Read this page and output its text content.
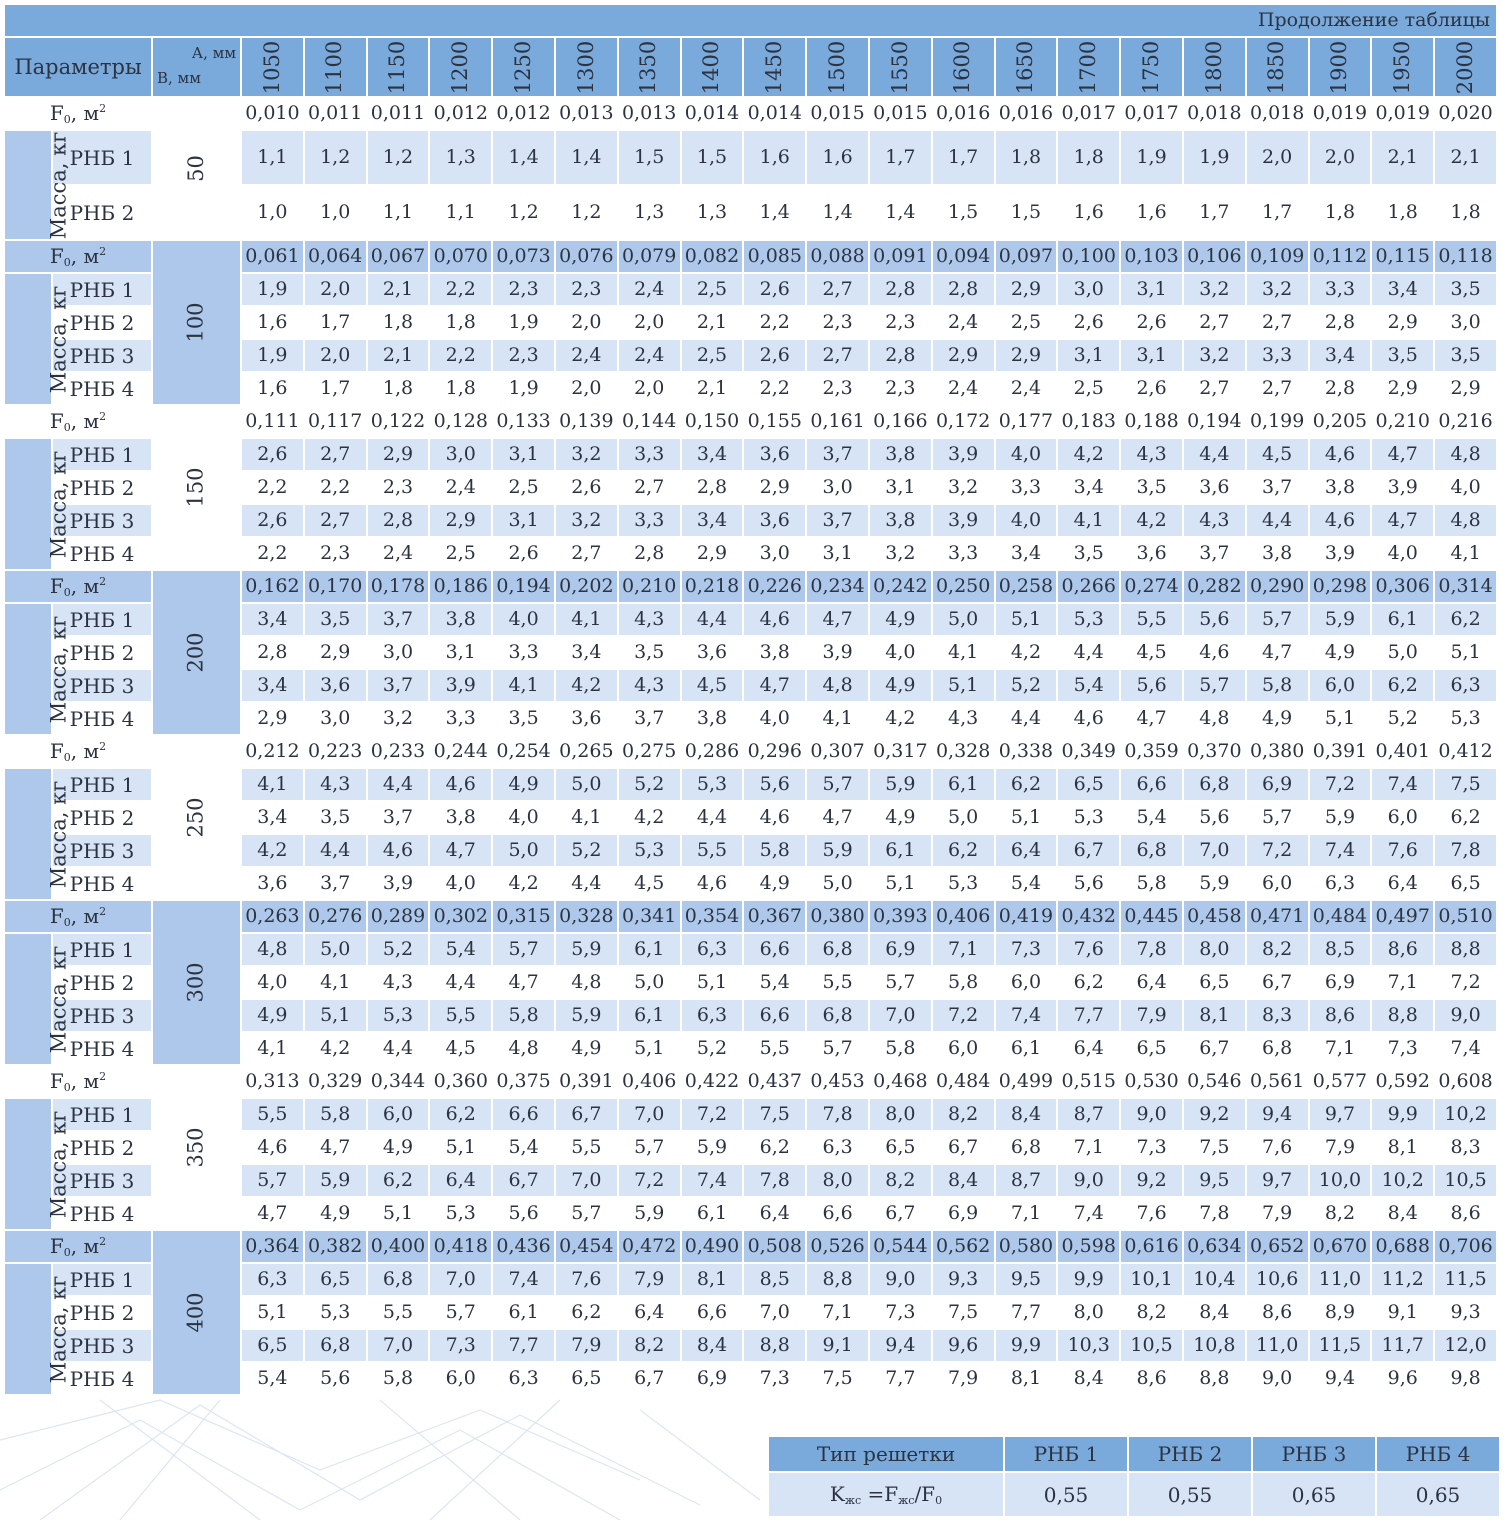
Продолжение таблицы																						
Параметры		А, мм
В, мм	1050	1100	1150	1200	1250	1300	1350	1400	1450	1500	1550	1600	1650	1700	1750	1800	1850	1900	1950	2000
$F_0$, $м^2$		50	0,010	0,011	0,011	0,012	0,012	0,013	0,013	0,014	0,014	0,015	0,015	0,016	0,016	0,017	0,017	0,018	0,018	0,019	0,019	0,020
Масса, кг	РНБ 1		1,1	1,2	1,2	1,3	1,4	1,4	1,5	1,5	1,6	1,6	1,7	1,7	1,8	1,8	1,9	1,9	2,0	2,0	2,1	2,1
	РНБ 2		1,0	1,0	1,1	1,1	1,2	1,2	1,3	1,3	1,4	1,4	1,4	1,5	1,5	1,6	1,6	1,7	1,7	1,8	1,8	1,8
$F_0$, $м^2$		100	0,061	0,064	0,067	0,070	0,073	0,076	0,079	0,082	0,085	0,088	0,091	0,094	0,097	0,100	0,103	0,106	0,109	0,112	0,115	0,118
Масса, кг	РНБ 1		1,9	2,0	2,1	2,2	2,3	2,3	2,4	2,5	2,6	2,7	2,8	2,8	2,9	3,0	3,1	3,2	3,2	3,3	3,4	3,5
	РНБ 2		1,6	1,7	1,8	1,8	1,9	2,0	2,0	2,1	2,2	2,3	2,3	2,4	2,5	2,6	2,6	2,7	2,7	2,8	2,9	3,0
	РНБ 3		1,9	2,0	2,1	2,2	2,3	2,4	2,4	2,5	2,6	2,7	2,8	2,9	2,9	3,1	3,1	3,2	3,3	3,4	3,5	3,5
	РНБ 4		1,6	1,7	1,8	1,8	1,9	2,0	2,0	2,1	2,2	2,3	2,3	2,4	2,4	2,5	2,6	2,7	2,7	2,8	2,9	2,9
$F_0$, $м^2$		150	0,111	0,117	0,122	0,128	0,133	0,139	0,144	0,150	0,155	0,161	0,166	0,172	0,177	0,183	0,188	0,194	0,199	0,205	0,210	0,216
Масса, кг	РНБ 1		2,6	2,7	2,9	3,0	3,1	3,2	3,3	3,4	3,6	3,7	3,8	3,9	4,0	4,2	4,3	4,4	4,5	4,6	4,7	4,8
	РНБ 2		2,2	2,2	2,3	2,4	2,5	2,6	2,7	2,8	2,9	3,0	3,1	3,2	3,3	3,4	3,5	3,6	3,7	3,8	3,9	4,0
	РНБ 3		2,6	2,7	2,8	2,9	3,1	3,2	3,3	3,4	3,6	3,7	3,8	3,9	4,0	4,1	4,2	4,3	4,4	4,6	4,7	4,8
	РНБ 4		2,2	2,3	2,4	2,5	2,6	2,7	2,8	2,9	3,0	3,1	3,2	3,3	3,4	3,5	3,6	3,7	3,8	3,9	4,0	4,1
$F_0$, $м^2$		200	0,162	0,170	0,178	0,186	0,194	0,202	0,210	0,218	0,226	0,234	0,242	0,250	0,258	0,266	0,274	0,282	0,290	0,298	0,306	0,314
Масса, кг	РНБ 1		3,4	3,5	3,7	3,8	4,0	4,1	4,3	4,4	4,6	4,7	4,9	5,0	5,1	5,3	5,5	5,6	5,7	5,9	6,1	6,2
	РНБ 2		2,8	2,9	3,0	3,1	3,3	3,4	3,5	3,6	3,8	3,9	4,0	4,1	4,2	4,4	4,5	4,6	4,7	4,9	5,0	5,1
	РНБ 3		3,4	3,6	3,7	3,9	4,1	4,2	4,3	4,5	4,7	4,8	4,9	5,1	5,2	5,4	5,6	5,7	5,8	6,0	6,2	6,3
	РНБ 4		2,9	3,0	3,2	3,3	3,5	3,6	3,7	3,8	4,0	4,1	4,2	4,3	4,4	4,6	4,7	4,8	4,9	5,1	5,2	5,3
$F_0$, $м^2$		250	0,212	0,223	0,233	0,244	0,254	0,265	0,275	0,286	0,296	0,307	0,317	0,328	0,338	0,349	0,359	0,370	0,380	0,391	0,401	0,412
Масса, кг	РНБ 1		4,1	4,3	4,4	4,6	4,9	5,0	5,2	5,3	5,6	5,7	5,9	6,1	6,2	6,5	6,6	6,8	6,9	7,2	7,4	7,5
	РНБ 2		3,4	3,5	3,7	3,8	4,0	4,1	4,2	4,4	4,6	4,7	4,9	5,0	5,1	5,3	5,4	5,6	5,7	5,9	6,0	6,2
	РНБ 3		4,2	4,4	4,6	4,7	5,0	5,2	5,3	5,5	5,8	5,9	6,1	6,2	6,4	6,7	6,8	7,0	7,2	7,4	7,6	7,8
	РНБ 4		3,6	3,7	3,9	4,0	4,2	4,4	4,5	4,6	4,9	5,0	5,1	5,3	5,4	5,6	5,8	5,9	6,0	6,3	6,4	6,5
$F_0$, $м^2$		300	0,263	0,276	0,289	0,302	0,315	0,328	0,341	0,354	0,367	0,380	0,393	0,406	0,419	0,432	0,445	0,458	0,471	0,484	0,497	0,510
Масса, кг	РНБ 1		4,8	5,0	5,2	5,4	5,7	5,9	6,1	6,3	6,6	6,8	6,9	7,1	7,3	7,6	7,8	8,0	8,2	8,5	8,6	8,8
	РНБ 2		4,0	4,1	4,3	4,4	4,7	4,8	5,0	5,1	5,4	5,5	5,7	5,8	6,0	6,2	6,4	6,5	6,7	6,9	7,1	7,2
	РНБ 3		4,9	5,1	5,3	5,5	5,8	5,9	6,1	6,3	6,6	6,8	7,0	7,2	7,4	7,7	7,9	8,1	8,3	8,6	8,8	9,0
	РНБ 4		4,1	4,2	4,4	4,5	4,8	4,9	5,1	5,2	5,5	5,7	5,8	6,0	6,1	6,4	6,5	6,7	6,8	7,1	7,3	7,4
$F_0$, $м^2$		350	0,313	0,329	0,344	0,360	0,375	0,391	0,406	0,422	0,437	0,453	0,468	0,484	0,499	0,515	0,530	0,546	0,561	0,577	0,592	0,608
Масса, кг	РНБ 1		5,5	5,8	6,0	6,2	6,6	6,7	7,0	7,2	7,5	7,8	8,0	8,2	8,4	8,7	9,0	9,2	9,4	9,7	9,9	10,2
	РНБ 2		4,6	4,7	4,9	5,1	5,4	5,5	5,7	5,9	6,2	6,3	6,5	6,7	6,8	7,1	7,3	7,5	7,6	7,9	8,1	8,3
	РНБ 3		5,7	5,9	6,2	6,4	6,7	7,0	7,2	7,4	7,8	8,0	8,2	8,4	8,7	9,0	9,2	9,5	9,7	10,0	10,2	10,5
	РНБ 4		4,7	4,9	5,1	5,3	5,6	5,7	5,9	6,1	6,4	6,6	6,7	6,9	7,1	7,4	7,6	7,8	7,9	8,2	8,4	8,6
$F_0$, $м^2$		400	0,364	0,382	0,400	0,418	0,436	0,454	0,472	0,490	0,508	0,526	0,544	0,562	0,580	0,598	0,616	0,634	0,652	0,670	0,688	0,706
Масса, кг	РНБ 1		6,3	6,5	6,8	7,0	7,4	7,6	7,9	8,1	8,5	8,8	9,0	9,3	9,5	9,9	10,1	10,4	10,6	11,0	11,2	11,5
	РНБ 2		5,1	5,3	5,5	5,7	6,1	6,2	6,4	6,6	7,0	7,1	7,3	7,5	7,7	8,0	8,2	8,4	8,6	8,9	9,1	9,3
	РНБ 3		6,5	6,8	7,0	7,3	7,7	7,9	8,2	8,4	8,8	9,1	9,4	9,6	9,9	10,3	10,5	10,8	11,0	11,5	11,7	12,0
	РНБ 4		5,4	5,6	5,8	6,0	6,3	6,5	6,7	6,9	7,3	7,5	7,7	7,9	8,1	8,4	8,6	8,8	9,0	9,4	9,6	9,8
Тип решетки	РНБ 1	РНБ 2	РНБ 3	РНБ 4
$K_{жс} =F_{жс}/F_0$	0,55	0,55	0,65	0,65
